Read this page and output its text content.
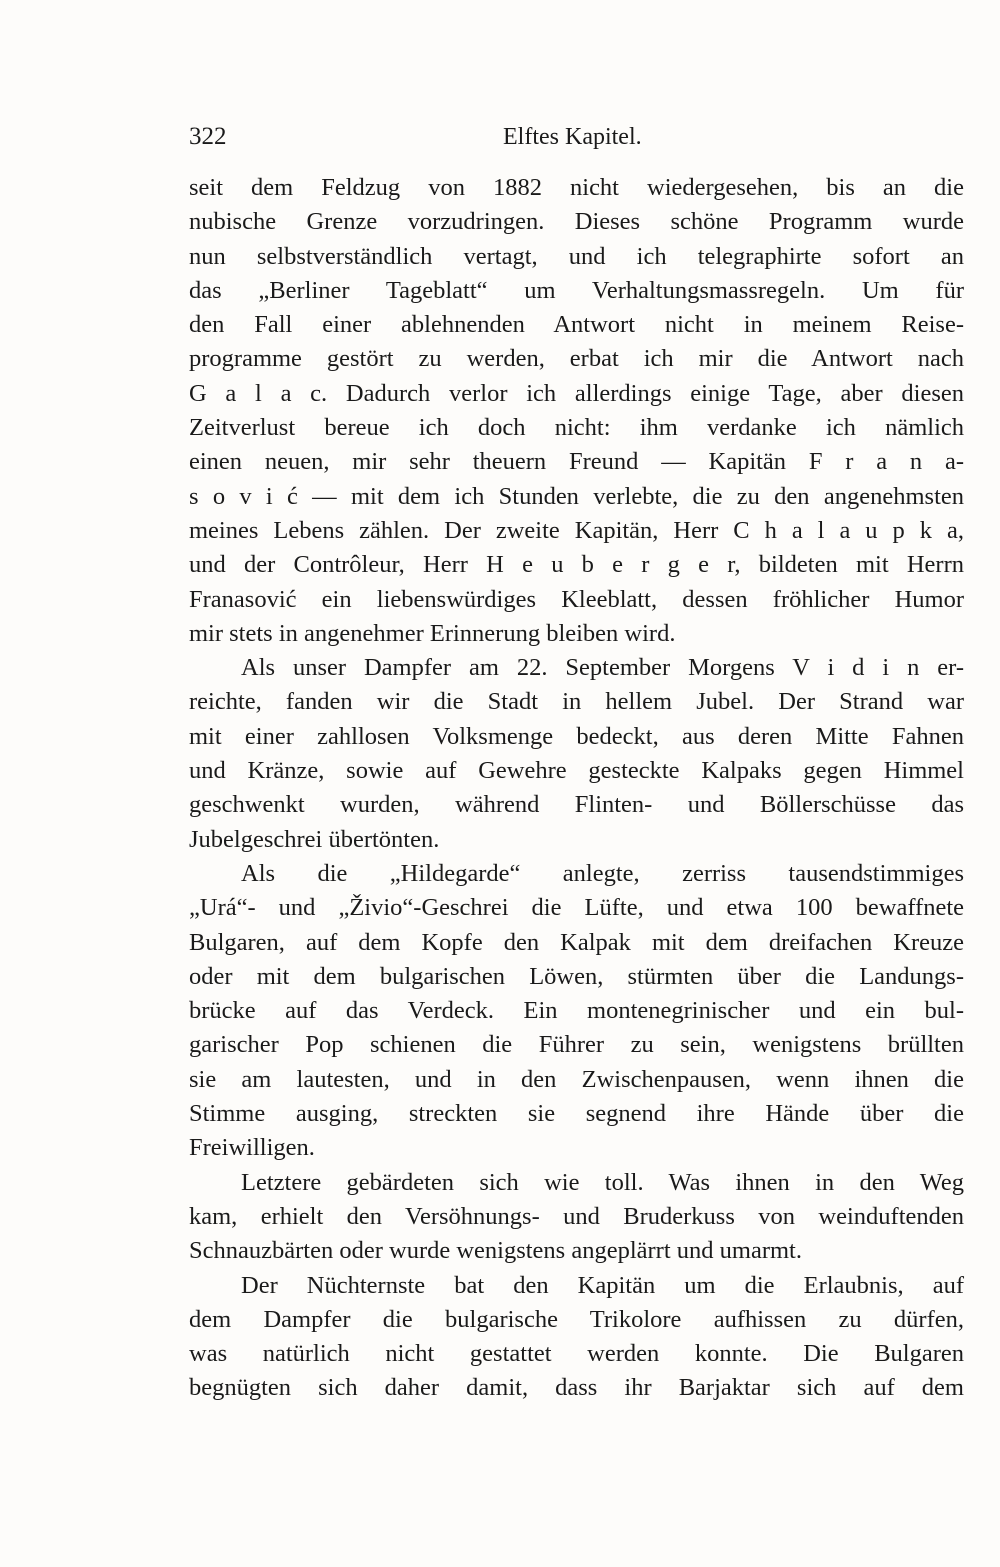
322	Elftes Kapitel.
seit dem Feldzug von 1882 nicht wiedergesehen, bis an die
nubische Grenze vorzudringen. Dieses schöne Programm wurde
nun selbstverständlich vertagt, und ich telegraphirte sofort an
das „Berliner Tageblatt“ um Verhaltungsmassregeln. Um für
den Fall einer ablehnenden Antwort nicht in meinem Reise-
programme gestört zu werden, erbat ich mir die Antwort nach
G a l a c. Dadurch verlor ich allerdings einige Tage, aber diesen
Zeitverlust bereue ich doch nicht: ihm verdanke ich nämlich
einen neuen, mir sehr theuern Freund — Kapitän F r a n a-
s o v i ć — mit dem ich Stunden verlebte, die zu den angenehmsten
meines Lebens zählen. Der zweite Kapitän, Herr C h a l a u p k a,
und der Contrôleur, Herr H e u b e r g e r, bildeten mit Herrn
Franasović ein liebenswürdiges Kleeblatt, dessen fröhlicher Humor
mir stets in angenehmer Erinnerung bleiben wird.
Als unser Dampfer am 22. September Morgens V i d i n er-
reichte, fanden wir die Stadt in hellem Jubel. Der Strand war
mit einer zahllosen Volksmenge bedeckt, aus deren Mitte Fahnen
und Kränze, sowie auf Gewehre gesteckte Kalpaks gegen Himmel
geschwenkt wurden, während Flinten- und Böllerschüsse das
Jubelgeschrei übertönten.
Als die „Hildegarde“ anlegte, zerriss tausendstimmiges
„Urá“- und „Živio“-Geschrei die Lüfte, und etwa 100 bewaffnete
Bulgaren, auf dem Kopfe den Kalpak mit dem dreifachen Kreuze
oder mit dem bulgarischen Löwen, stürmten über die Landungs-
brücke auf das Verdeck. Ein montenegrinischer und ein bul-
garischer Pop schienen die Führer zu sein, wenigstens brüllten
sie am lautesten, und in den Zwischenpausen, wenn ihnen die
Stimme ausging, streckten sie segnend ihre Hände über die
Freiwilligen.
Letztere gebärdeten sich wie toll. Was ihnen in den Weg
kam, erhielt den Versöhnungs- und Bruderkuss von weinduftenden
Schnauzbärten oder wurde wenigstens angeplärrt und umarmt.
Der Nüchternste bat den Kapitän um die Erlaubnis, auf
dem Dampfer die bulgarische Trikolore aufhissen zu dürfen,
was natürlich nicht gestattet werden konnte. Die Bulgaren
begnügten sich daher damit, dass ihr Barjaktar sich auf dem
